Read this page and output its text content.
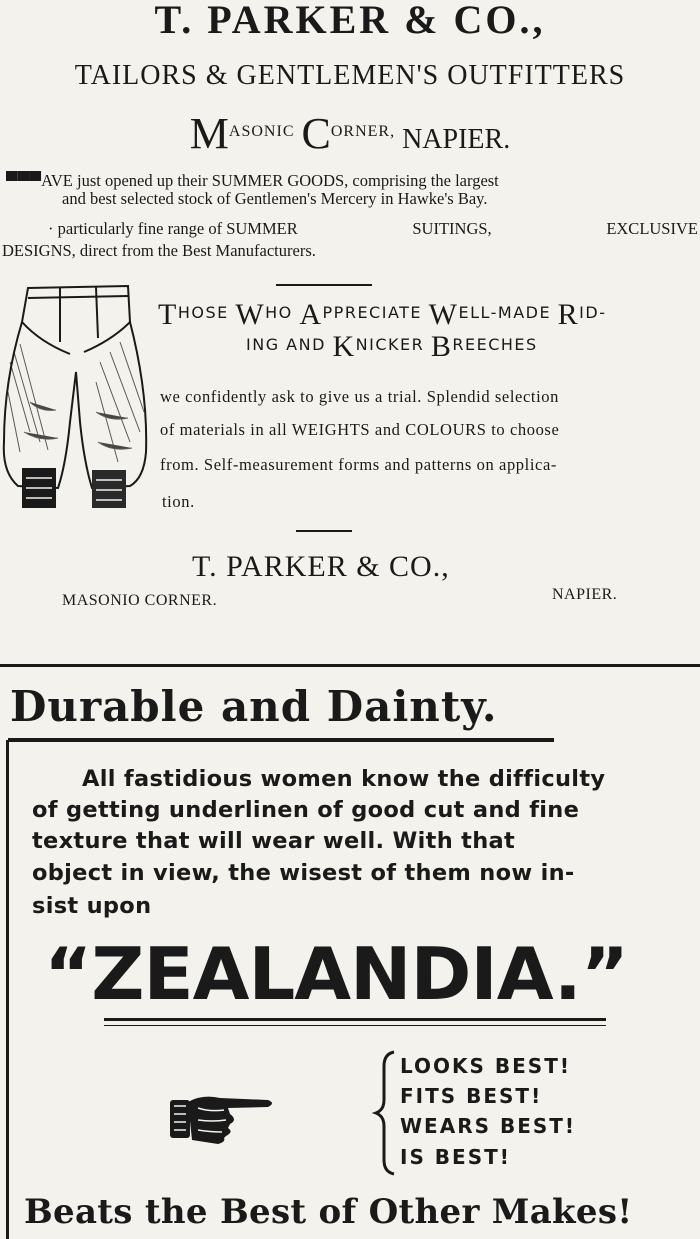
T. PARKER & CO.,
TAILORS & GENTLEMEN'S OUTFITTERS
$M^{ASONIC}$ $C^{ORNER,}$ NAPIER.
▀▀▀AVE just opened up their SUMMER GOODS, comprising the largest
and best selected stock of Gentlemen's Mercery in Hawke's Bay.
· particularly fine range of SUMMER	SUITINGS,	EXCLUSIVE
DESIGNS, direct from the Best Manufacturers.
THOSE WHO APPRECIATE WELL-MADE RID-
ING AND KNICKER BREECHES
we confidently ask to give us a trial. Splendid selection
of materials in all WEIGHTS and COLOURS to choose
from. Self-measurement forms and patterns on applica-
tion.
T. PARKER & CO.,
MASONIO CORNER.	NAPIER.
Durable and Dainty.
All fastidious women know the difficulty
of getting underlinen of good cut and fine
texture that will wear well. With that
object in view, the wisest of them now in-
sist upon
“ZEALANDIA.”
LOOKS BEST!
FITS BEST!
WEARS BEST!
IS BEST!
Beats the Best of Other Makes!
